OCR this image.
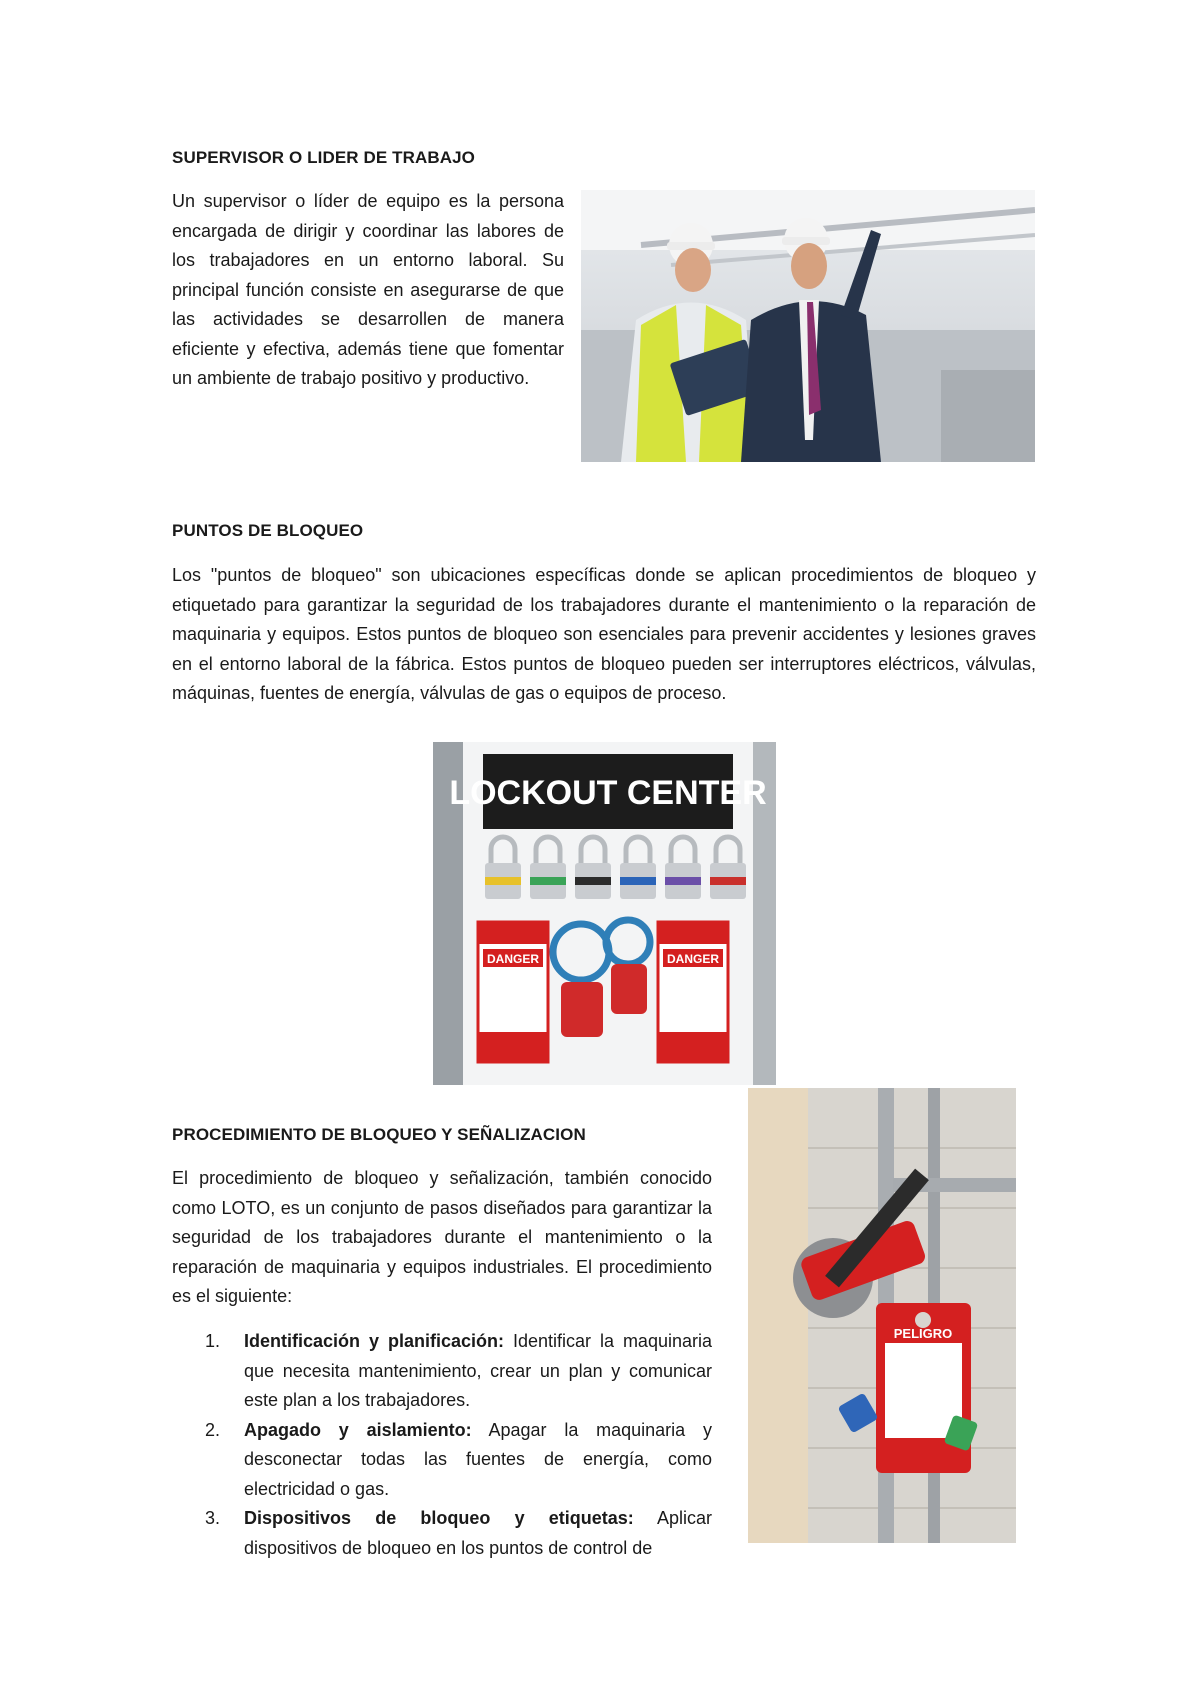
SUPERVISOR O LIDER DE TRABAJO

Un supervisor o líder de equipo es la persona encargada de dirigir y coordinar las labores de los trabajadores en un entorno laboral. Su principal función consiste en asegurarse de que las actividades se desarrollen de manera eficiente y efectiva, además tiene que fomentar un ambiente de trabajo positivo y productivo.

PUNTOS DE BLOQUEO

Los "puntos de bloqueo" son ubicaciones específicas donde se aplican procedimientos de bloqueo y etiquetado para garantizar la seguridad de los trabajadores durante el mantenimiento o la reparación de maquinaria y equipos. Estos puntos de bloqueo son esenciales para prevenir accidentes y lesiones graves en el entorno laboral de la fábrica. Estos puntos de bloqueo pueden ser interruptores eléctricos, válvulas, máquinas, fuentes de energía, válvulas de gas o equipos de proceso.

LOCKOUT CENTER
DANGER	DANGER
PROCEDIMIENTO DE BLOQUEO Y SEÑALIZACION

El procedimiento de bloqueo y señalización, también conocido como LOTO, es un conjunto de pasos diseñados para garantizar la seguridad de los trabajadores durante el mantenimiento o la reparación de maquinaria y equipos industriales. El procedimiento es el siguiente:

1. Identificación y planificación: Identificar la maquinaria que necesita mantenimiento, crear un plan y comunicar este plan a los trabajadores.
2. Apagado y aislamiento: Apagar la maquinaria y desconectar todas las fuentes de energía, como electricidad o gas.
3. Dispositivos de bloqueo y etiquetas: Aplicar dispositivos de bloqueo en los puntos de control de
PELIGRO
